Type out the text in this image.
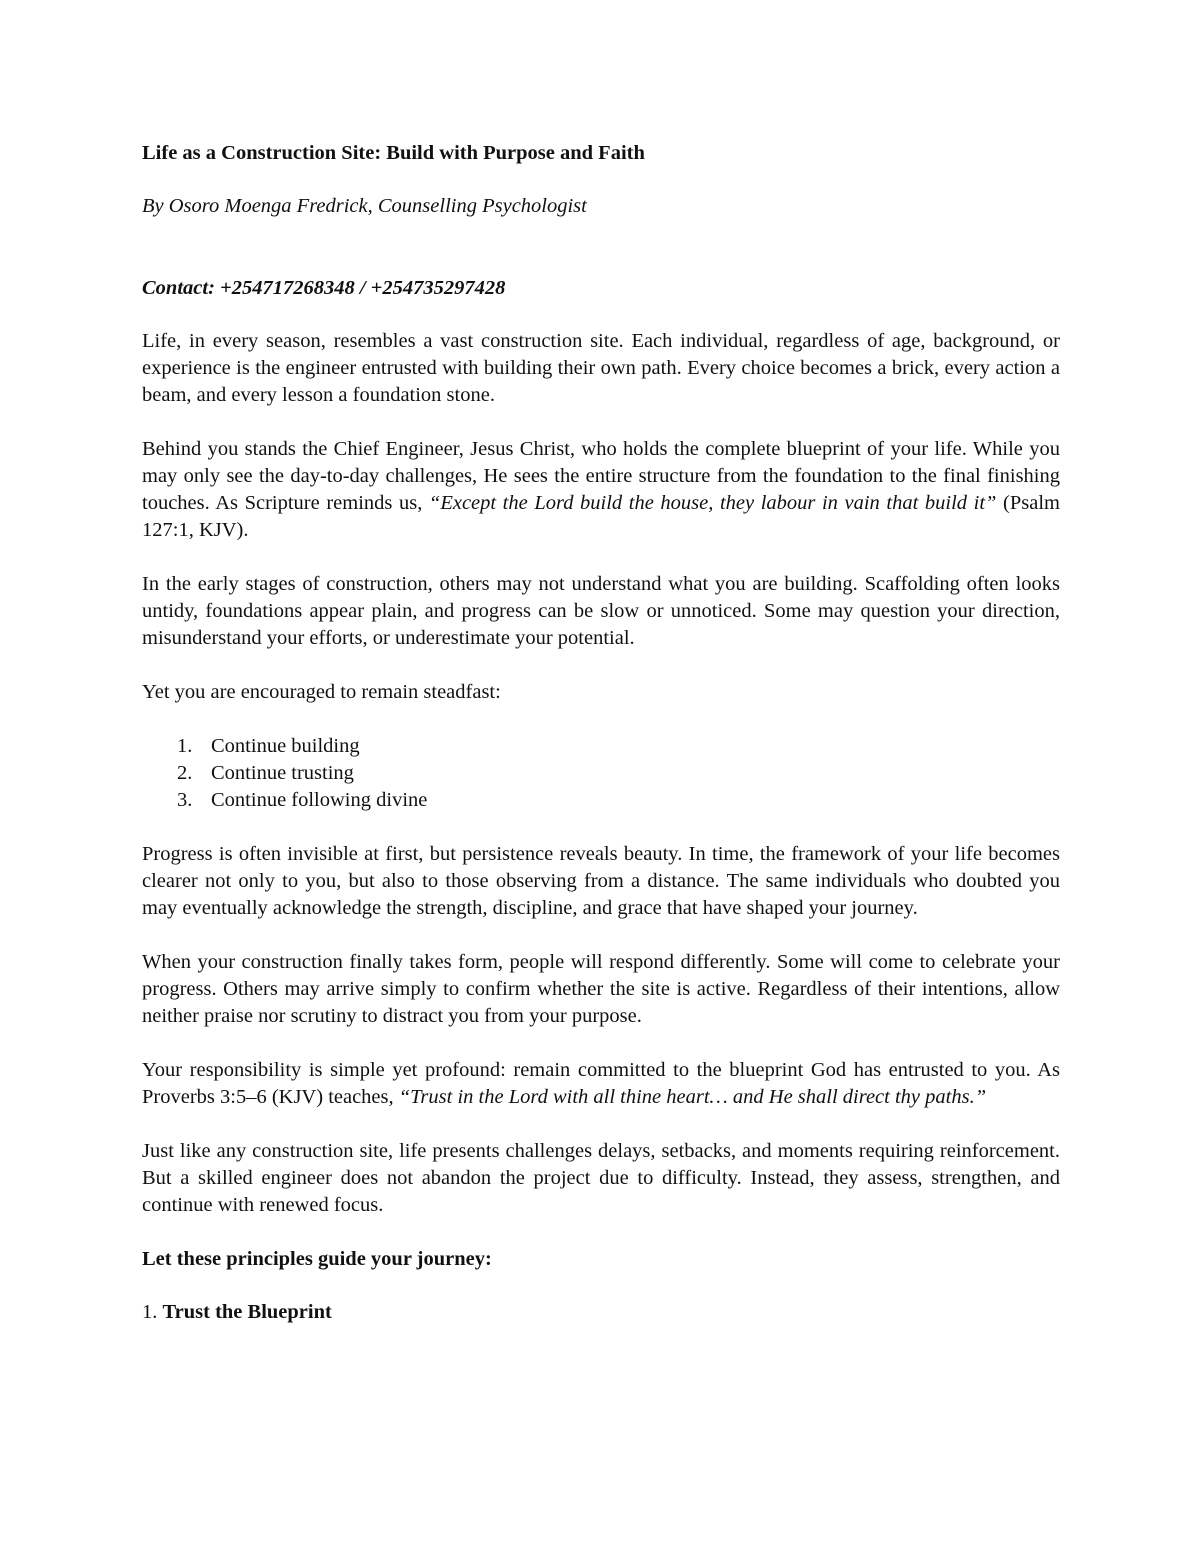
Life as a Construction Site: Build with Purpose and Faith
By Osoro Moenga Fredrick, Counselling Psychologist
Contact: +254717268348 / +254735297428

Life, in every season, resembles a vast construction site. Each individual, regardless of age, background, or experience is the engineer entrusted with building their own path. Every choice becomes a brick, every action a beam, and every lesson a foundation stone.

Behind you stands the Chief Engineer, Jesus Christ, who holds the complete blueprint of your life. While you may only see the day-to-day challenges, He sees the entire structure from the foundation to the final finishing touches. As Scripture reminds us, “Except the Lord build the house, they labour in vain that build it” (Psalm 127:1, KJV).

In the early stages of construction, others may not understand what you are building. Scaffolding often looks untidy, foundations appear plain, and progress can be slow or unnoticed. Some may question your direction, misunderstand your efforts, or underestimate your potential.

Yet you are encouraged to remain steadfast:

1. Continue building
2. Continue trusting
3. Continue following divine

Progress is often invisible at first, but persistence reveals beauty. In time, the framework of your life becomes clearer not only to you, but also to those observing from a distance. The same individuals who doubted you may eventually acknowledge the strength, discipline, and grace that have shaped your journey.

When your construction finally takes form, people will respond differently. Some will come to celebrate your progress. Others may arrive simply to confirm whether the site is active. Regardless of their intentions, allow neither praise nor scrutiny to distract you from your purpose.

Your responsibility is simple yet profound: remain committed to the blueprint God has entrusted to you. As Proverbs 3:5–6 (KJV) teaches, “Trust in the Lord with all thine heart… and He shall direct thy paths.”

Just like any construction site, life presents challenges delays, setbacks, and moments requiring reinforcement. But a skilled engineer does not abandon the project due to difficulty. Instead, they assess, strengthen, and continue with renewed focus.

Let these principles guide your journey:
1. Trust the Blueprint
